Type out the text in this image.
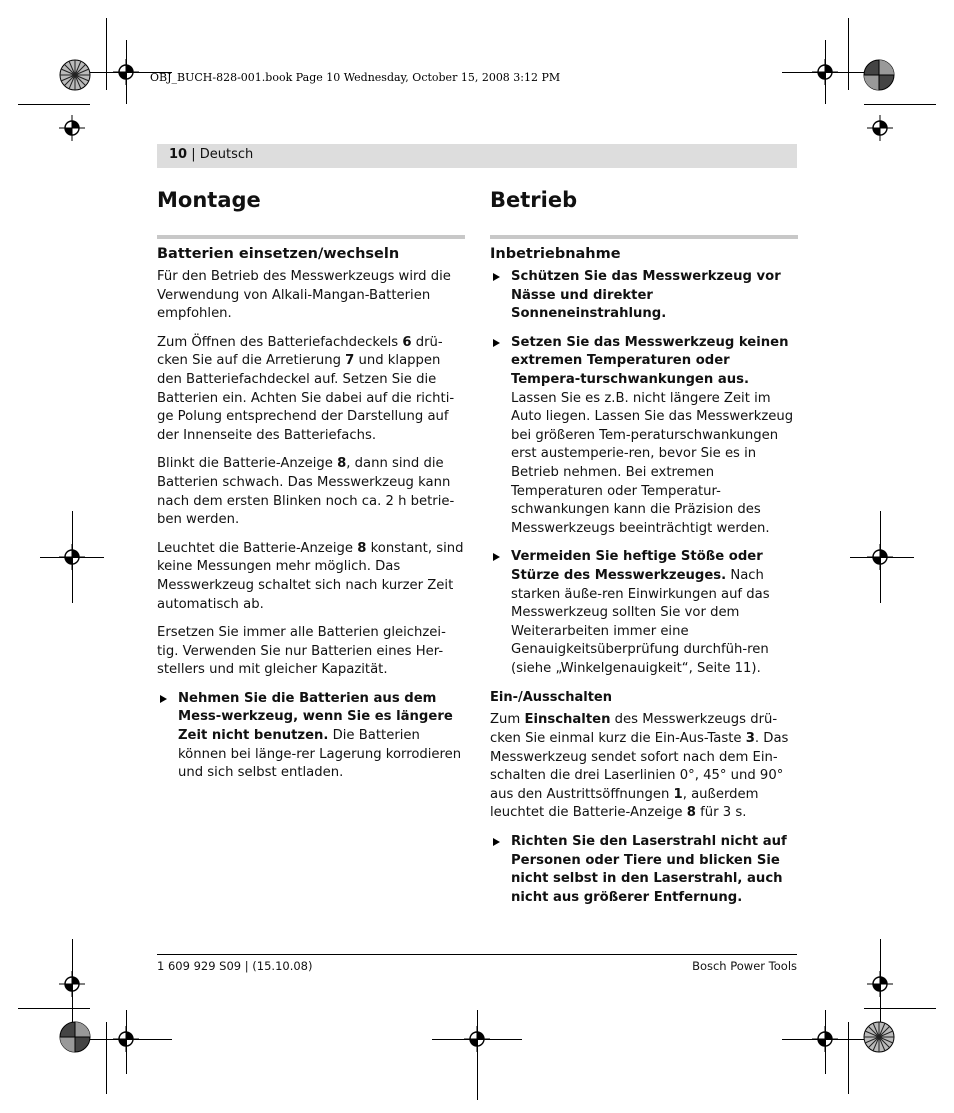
OBJ_BUCH-828-001.book Page 10 Wednesday, October 15, 2008 3:12 PM
10 | Deutsch
Montage
Batterien einsetzen/wechseln

Für den Betrieb des Messwerkzeugs wird die Verwendung von Alkali-Mangan-Batterien empfohlen.

Zum Öffnen des Batteriefachdeckels 6 drü-cken Sie auf die Arretierung 7 und klappen den Batteriefachdeckel auf. Setzen Sie die Batterien ein. Achten Sie dabei auf die richti-ge Polung entsprechend der Darstellung auf der Innenseite des Batteriefachs.

Blinkt die Batterie-Anzeige 8, dann sind die Batterien schwach. Das Messwerkzeug kann nach dem ersten Blinken noch ca. 2 h betrie-ben werden.

Leuchtet die Batterie-Anzeige 8 konstant, sind keine Messungen mehr möglich. Das Messwerkzeug schaltet sich nach kurzer Zeit automatisch ab.

Ersetzen Sie immer alle Batterien gleichzei-tig. Verwenden Sie nur Batterien eines Her-stellers und mit gleicher Kapazität.

Nehmen Sie die Batterien aus dem Mess-werkzeug, wenn Sie es längere Zeit nicht benutzen. Die Batterien können bei länge-rer Lagerung korrodieren und sich selbst entladen.
Betrieb
Inbetriebnahme
Schützen Sie das Messwerkzeug vor Nässe und direkter Sonneneinstrahlung.
Setzen Sie das Messwerkzeug keinen extremen Temperaturen oder Tempera-turschwankungen aus. Lassen Sie es z.B. nicht längere Zeit im Auto liegen. Lassen Sie das Messwerkzeug bei größeren Tem-peraturschwankungen erst austemperie-ren, bevor Sie es in Betrieb nehmen. Bei extremen Temperaturen oder Temperatur-schwankungen kann die Präzision des Messwerkzeugs beeinträchtigt werden.
Vermeiden Sie heftige Stöße oder Stürze des Messwerkzeuges. Nach starken äuße-ren Einwirkungen auf das Messwerkzeug sollten Sie vor dem Weiterarbeiten immer eine Genauigkeitsüberprüfung durchfüh-ren (siehe „Winkelgenauigkeit“, Seite 11).
Ein-/Ausschalten

Zum Einschalten des Messwerkzeugs drü-cken Sie einmal kurz die Ein-Aus-Taste 3. Das Messwerkzeug sendet sofort nach dem Ein-schalten die drei Laserlinien 0°, 45° und 90° aus den Austrittsöffnungen 1, außerdem leuchtet die Batterie-Anzeige 8 für 3 s.

Richten Sie den Laserstrahl nicht auf Personen oder Tiere und blicken Sie nicht selbst in den Laserstrahl, auch nicht aus größerer Entfernung.
1 609 929 S09 | (15.10.08)	Bosch Power Tools
